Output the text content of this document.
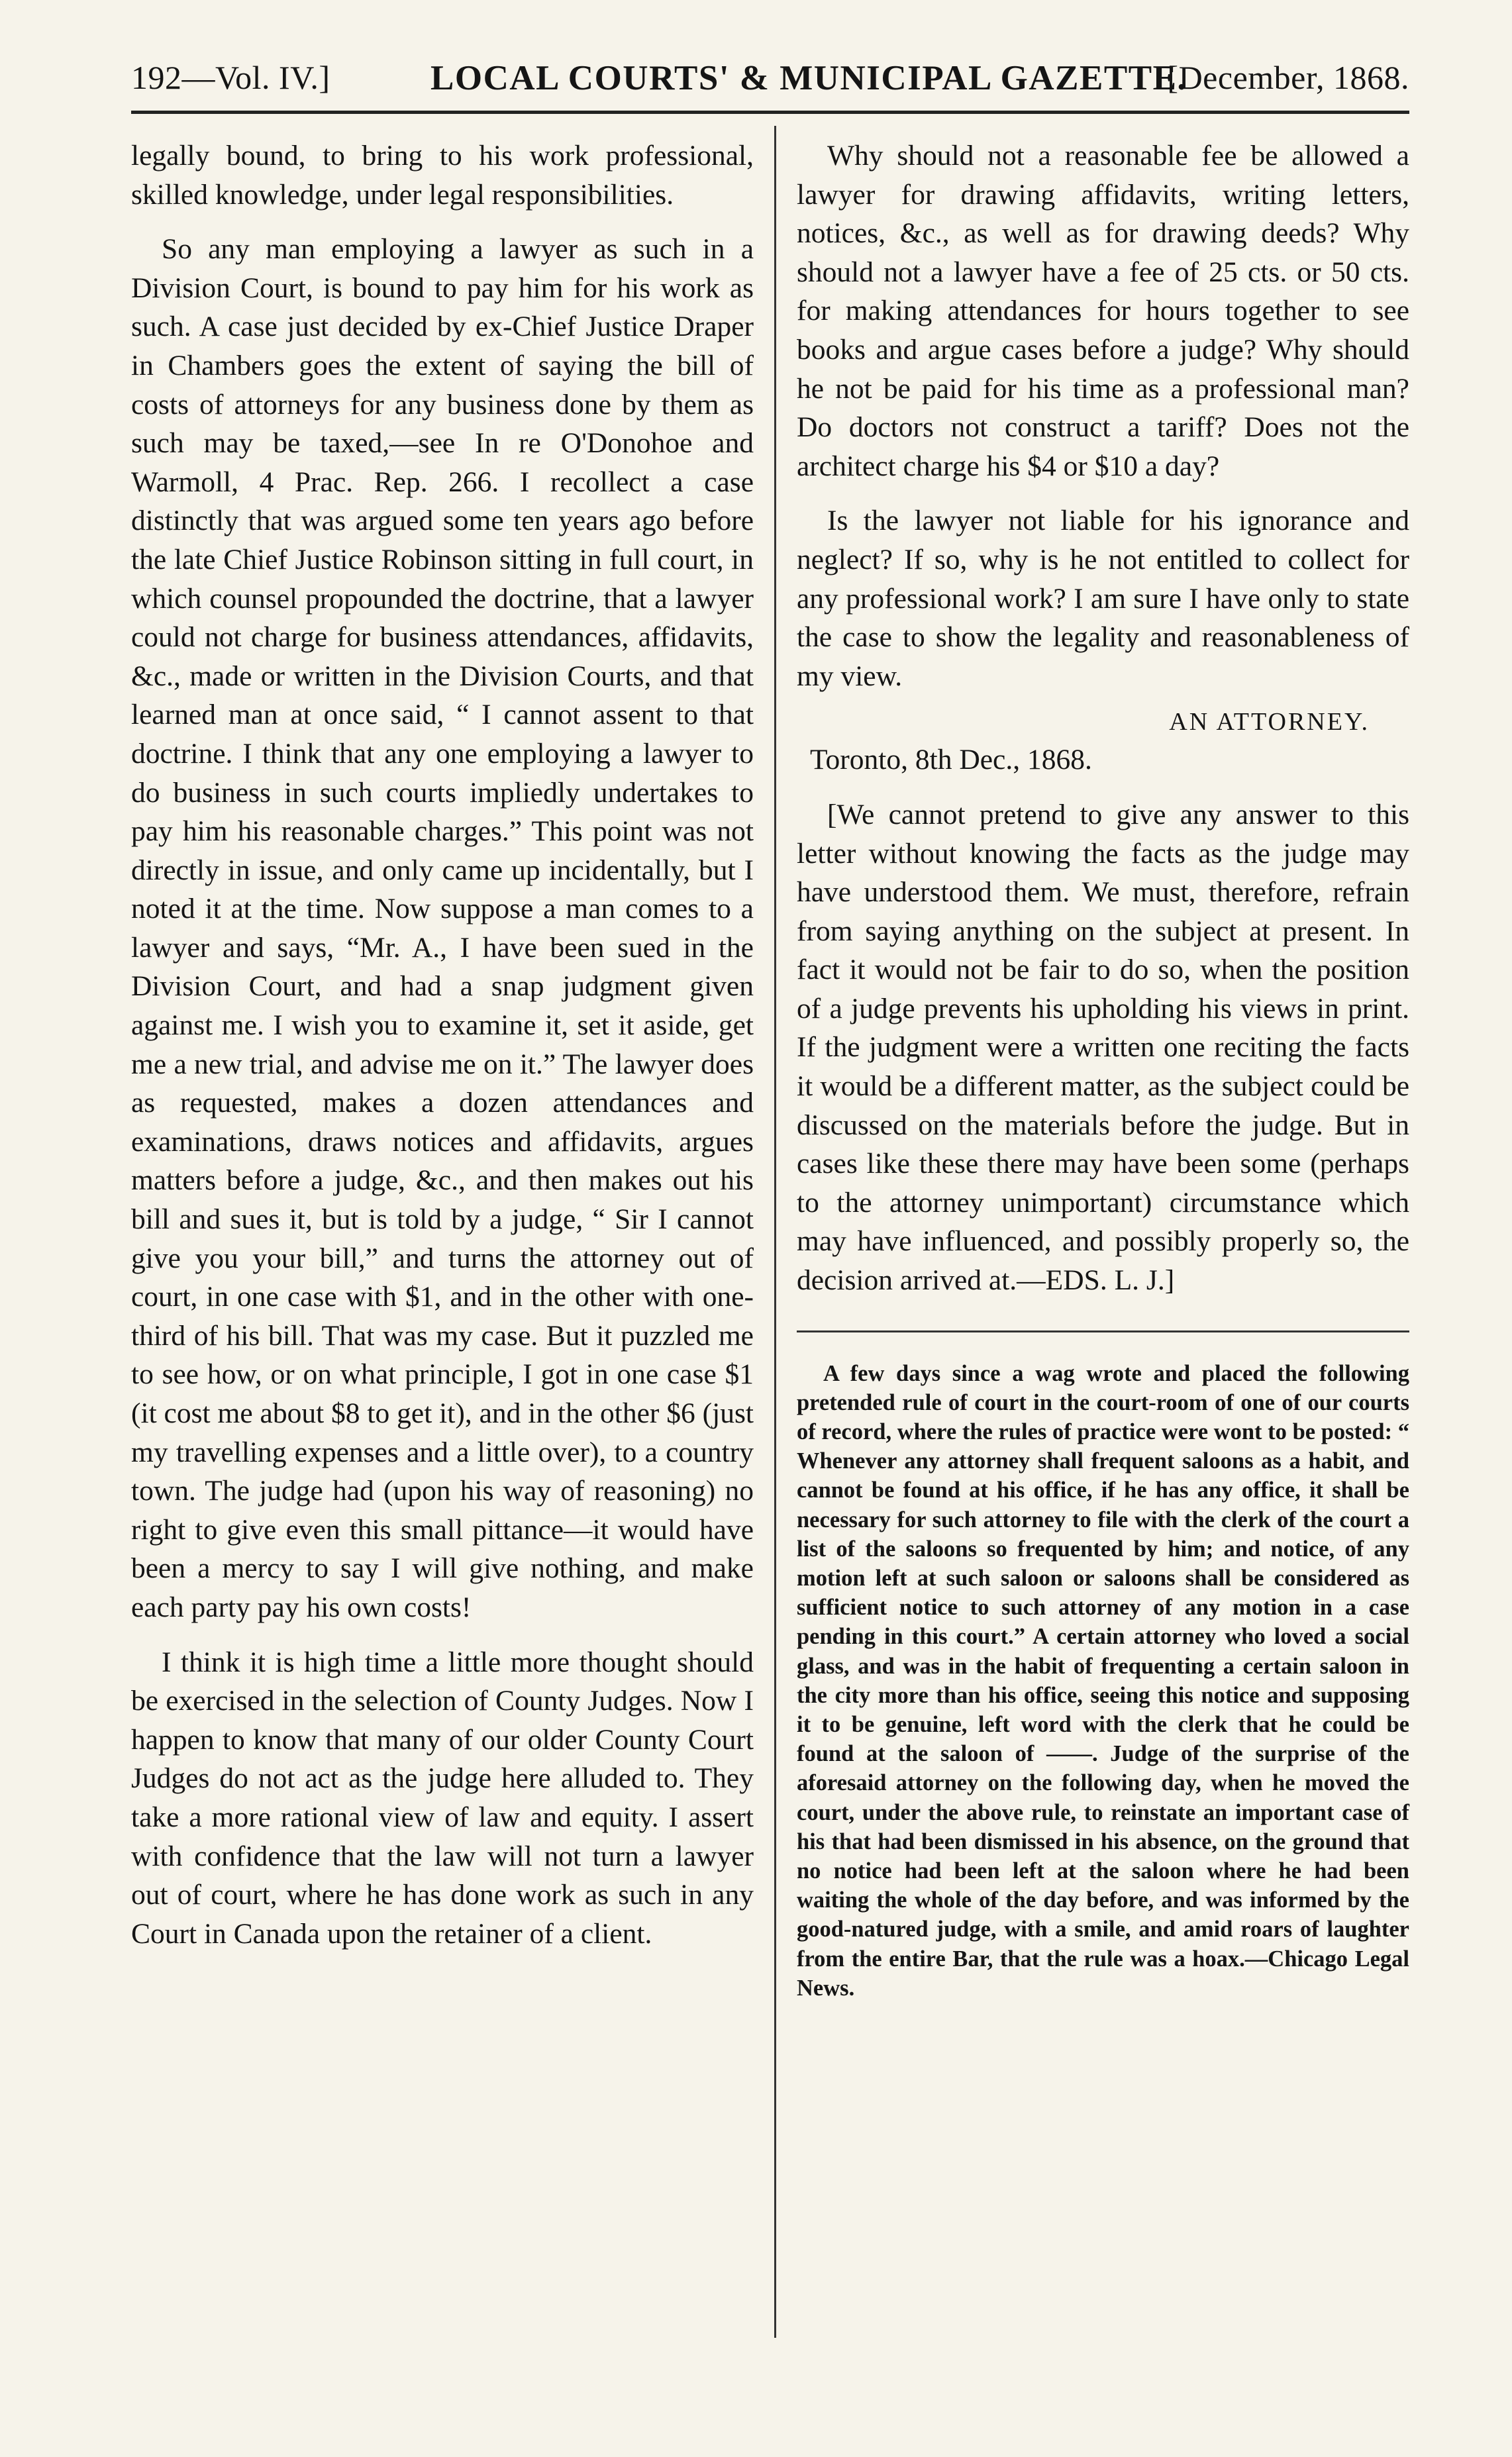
192—Vol. IV.]	LOCAL COURTS' & MUNICIPAL GAZETTE.
[December, 1868.

legally bound, to bring to his work professional, skilled knowledge, under legal responsibilities.

So any man employing a lawyer as such in a Division Court, is bound to pay him for his work as such. A case just decided by ex-Chief Justice Draper in Chambers goes the extent of saying the bill of costs of attorneys for any business done by them as such may be taxed,—see In re O'Donohoe and Warmoll, 4 Prac. Rep. 266. I recollect a case distinctly that was argued some ten years ago before the late Chief Justice Robinson sitting in full court, in which counsel propounded the doctrine, that a lawyer could not charge for business attendances, affidavits, &c., made or written in the Division Courts, and that learned man at once said, “ I cannot assent to that doctrine. I think that any one employing a lawyer to do business in such courts impliedly undertakes to pay him his reasonable charges.” This point was not directly in issue, and only came up incidentally, but I noted it at the time. Now suppose a man comes to a lawyer and says, “Mr. A., I have been sued in the Division Court, and had a snap judgment given against me. I wish you to examine it, set it aside, get me a new trial, and advise me on it.” The lawyer does as requested, makes a dozen attendances and examinations, draws notices and affidavits, argues matters before a judge, &c., and then makes out his bill and sues it, but is told by a judge, “ Sir I cannot give you your bill,” and turns the attorney out of court, in one case with $1, and in the other with one-third of his bill. That was my case. But it puzzled me to see how, or on what principle, I got in one case $1 (it cost me about $8 to get it), and in the other $6 (just my travelling expenses and a little over), to a country town. The judge had (upon his way of reasoning) no right to give even this small pittance—it would have been a mercy to say I will give nothing, and make each party pay his own costs!

I think it is high time a little more thought should be exercised in the selection of County Judges. Now I happen to know that many of our older County Court Judges do not act as the judge here alluded to. They take a more rational view of law and equity. I assert with confidence that the law will not turn a lawyer out of court, where he has done work as such in any Court in Canada upon the retainer of a client.

Why should not a reasonable fee be allowed a lawyer for drawing affidavits, writing letters, notices, &c., as well as for drawing deeds? Why should not a lawyer have a fee of 25 cts. or 50 cts. for making attendances for hours together to see books and argue cases before a judge? Why should he not be paid for his time as a professional man? Do doctors not construct a tariff? Does not the architect charge his $4 or $10 a day?

Is the lawyer not liable for his ignorance and neglect? If so, why is he not entitled to collect for any professional work? I am sure I have only to state the case to show the legality and reasonableness of my view.

AN ATTORNEY.

Toronto, 8th Dec., 1868.

[We cannot pretend to give any answer to this letter without knowing the facts as the judge may have understood them. We must, therefore, refrain from saying anything on the subject at present. In fact it would not be fair to do so, when the position of a judge prevents his upholding his views in print. If the judgment were a written one reciting the facts it would be a different matter, as the subject could be discussed on the materials before the judge. But in cases like these there may have been some (perhaps to the attorney unimportant) circumstance which may have influenced, and possibly properly so, the decision arrived at.—EDS. L. J.]

A few days since a wag wrote and placed the following pretended rule of court in the court-room of one of our courts of record, where the rules of practice were wont to be posted: “ Whenever any attorney shall frequent saloons as a habit, and cannot be found at his office, if he has any office, it shall be necessary for such attorney to file with the clerk of the court a list of the saloons so frequented by him; and notice, of any motion left at such saloon or saloons shall be considered as sufficient notice to such attorney of any motion in a case pending in this court.” A certain attorney who loved a social glass, and was in the habit of frequenting a certain saloon in the city more than his office, seeing this notice and supposing it to be genuine, left word with the clerk that he could be found at the saloon of ——. Judge of the surprise of the aforesaid attorney on the following day, when he moved the court, under the above rule, to reinstate an important case of his that had been dismissed in his absence, on the ground that no notice had been left at the saloon where he had been waiting the whole of the day before, and was informed by the good-natured judge, with a smile, and amid roars of laughter from the entire Bar, that the rule was a hoax.—Chicago Legal News.
